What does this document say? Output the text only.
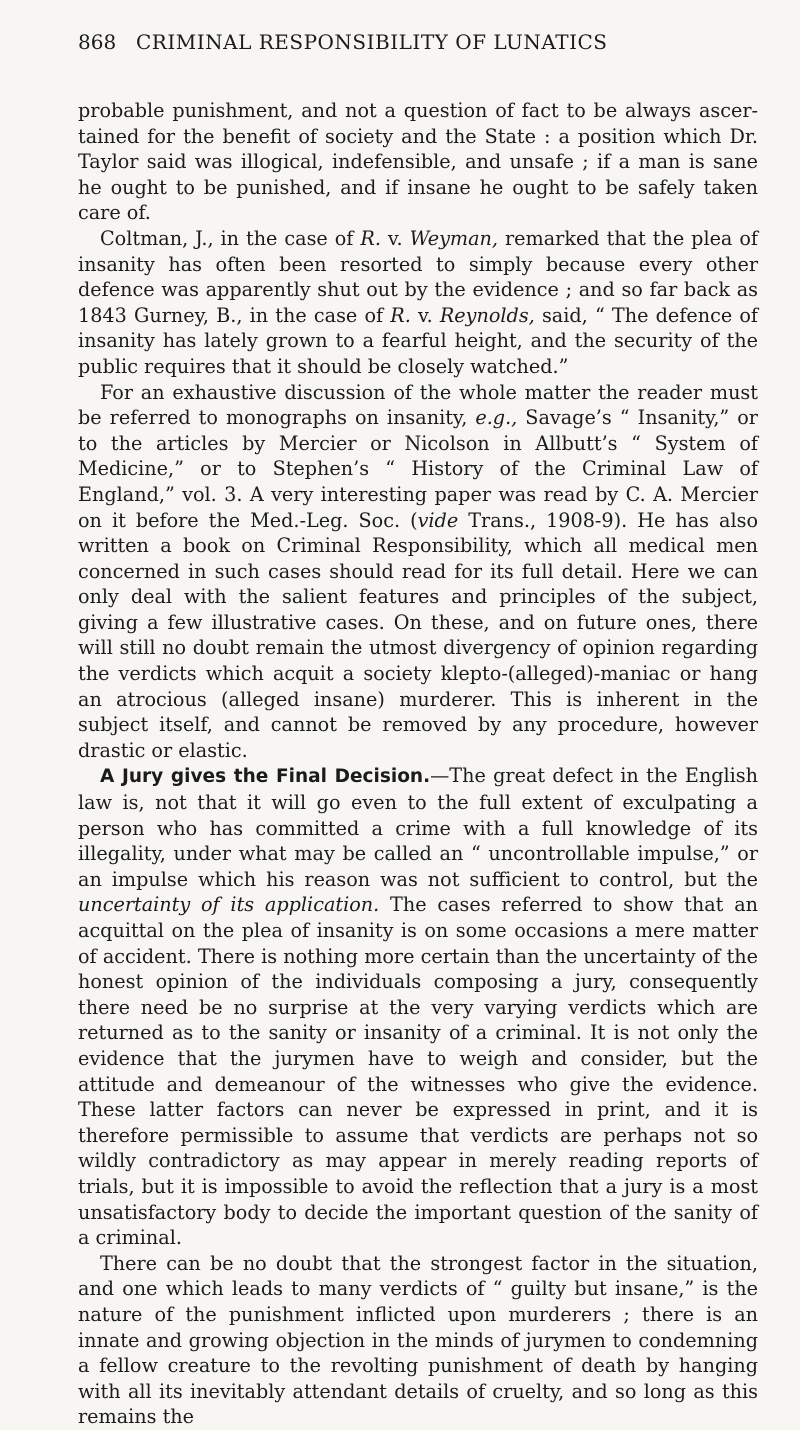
868 CRIMINAL RESPONSIBILITY OF LUNATICS

probable punishment, and not a question of fact to be always ascertained for the benefit of society and the State : a position which Dr. Taylor said was illogical, indefensible, and unsafe ; if a man is sane he ought to be punished, and if insane he ought to be safely taken care of.

Coltman, J., in the case of R. v. Weyman, remarked that the plea of insanity has often been resorted to simply because every other defence was apparently shut out by the evidence ; and so far back as 1843 Gurney, B., in the case of R. v. Reynolds, said, “ The defence of insanity has lately grown to a fearful height, and the security of the public requires that it should be closely watched.”

For an exhaustive discussion of the whole matter the reader must be referred to monographs on insanity, e.g., Savage’s “ Insanity,” or to the articles by Mercier or Nicolson in Allbutt’s “ System of Medicine,” or to Stephen’s “ History of the Criminal Law of England,” vol. 3. A very interesting paper was read by C. A. Mercier on it before the Med.-Leg. Soc. (vide Trans., 1908-9). He has also written a book on Criminal Responsibility, which all medical men concerned in such cases should read for its full detail. Here we can only deal with the salient features and principles of the subject, giving a few illustrative cases. On these, and on future ones, there will still no doubt remain the utmost divergency of opinion regarding the verdicts which acquit a society klepto-(alleged)-maniac or hang an atrocious (alleged insane) murderer. This is inherent in the subject itself, and cannot be removed by any procedure, however drastic or elastic.

A Jury gives the Final Decision.—The great defect in the English law is, not that it will go even to the full extent of exculpating a person who has committed a crime with a full knowledge of its illegality, under what may be called an “ uncontrollable impulse,” or an impulse which his reason was not sufficient to control, but the uncertainty of its application. The cases referred to show that an acquittal on the plea of insanity is on some occasions a mere matter of accident. There is nothing more certain than the uncertainty of the honest opinion of the individuals composing a jury, consequently there need be no surprise at the very varying verdicts which are returned as to the sanity or insanity of a criminal. It is not only the evidence that the jurymen have to weigh and consider, but the attitude and demeanour of the witnesses who give the evidence. These latter factors can never be expressed in print, and it is therefore permissible to assume that verdicts are perhaps not so wildly contradictory as may appear in merely reading reports of trials, but it is impossible to avoid the reflection that a jury is a most unsatisfactory body to decide the important question of the sanity of a criminal.

There can be no doubt that the strongest factor in the situation, and one which leads to many verdicts of “ guilty but insane,” is the nature of the punishment inflicted upon murderers ; there is an innate and growing objection in the minds of jurymen to condemning a fellow creature to the revolting punishment of death by hanging with all its inevitably attendant details of cruelty, and so long as this remains the
